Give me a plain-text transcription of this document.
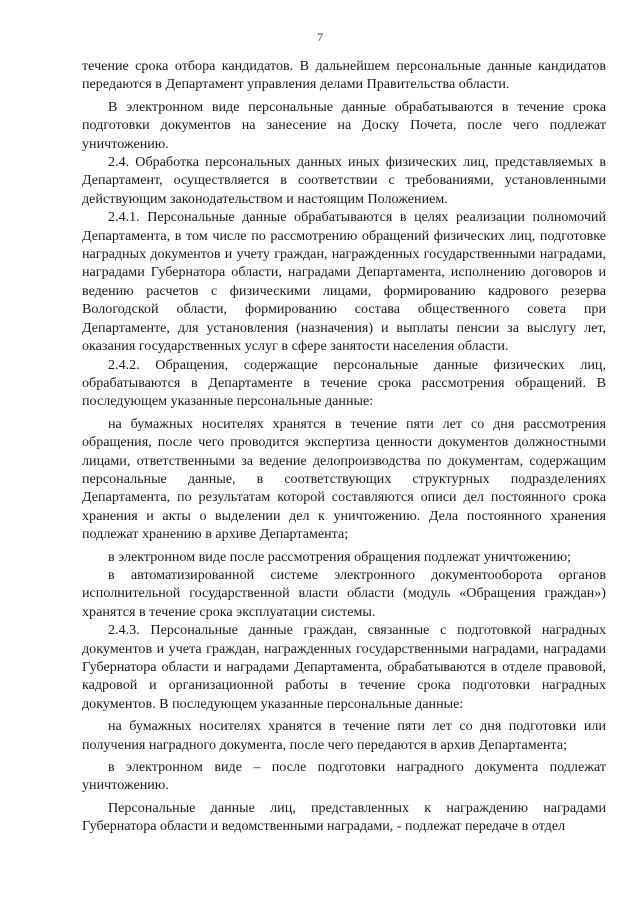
7

течение срока отбора кандидатов. В дальнейшем персональные данные кандидатов передаются в Департамент управления делами Правительства области.

В электронном виде персональные данные обрабатываются в течение срока подготовки документов на занесение на Доску Почета, после чего подлежат уничтожению.

2.4. Обработка персональных данных иных физических лиц, представляемых в Департамент, осуществляется в соответствии с требованиями, установленными действующим законодательством и настоящим Положением.

2.4.1. Персональные данные обрабатываются в целях реализации полномочий Департамента, в том числе по рассмотрению обращений физических лиц, подготовке наградных документов и учету граждан, награжденных государственными наградами, наградами Губернатора области, наградами Департамента, исполнению договоров и ведению расчетов с физическими лицами, формированию кадрового резерва Вологодской области, формированию состава общественного совета при Департаменте, для установления (назначения) и выплаты пенсии за выслугу лет, оказания государственных услуг в сфере занятости населения области.

2.4.2. Обращения, содержащие персональные данные физических лиц, обрабатываются в Департаменте в течение срока рассмотрения обращений. В последующем указанные персональные данные:

на бумажных носителях хранятся в течение пяти лет со дня рассмотрения обращения, после чего проводится экспертиза ценности документов должностными лицами, ответственными за ведение делопроизводства по документам, содержащим персональные данные, в соответствующих структурных подразделениях Департамента, по результатам которой составляются описи дел постоянного срока хранения и акты о выделении дел к уничтожению. Дела постоянного хранения подлежат хранению в архиве Департамента;

в электронном виде после рассмотрения обращения подлежат уничтожению;

в автоматизированной системе электронного документооборота органов исполнительной государственной власти области (модуль «Обращения граждан») хранятся в течение срока эксплуатации системы.

2.4.3. Персональные данные граждан, связанные с подготовкой наградных документов и учета граждан, награжденных государственными наградами, наградами Губернатора области и наградами Департамента, обрабатываются в отделе правовой, кадровой и организационной работы в течение срока подготовки наградных документов. В последующем указанные персональные данные:

на бумажных носителях хранятся в течение пяти лет со дня подготовки или получения наградного документа, после чего передаются в архив Департамента;

в электронном виде – после подготовки наградного документа подлежат уничтожению.

Персональные данные лиц, представленных к награждению наградами Губернатора области и ведомственными наградами, - подлежат передаче в отдел
